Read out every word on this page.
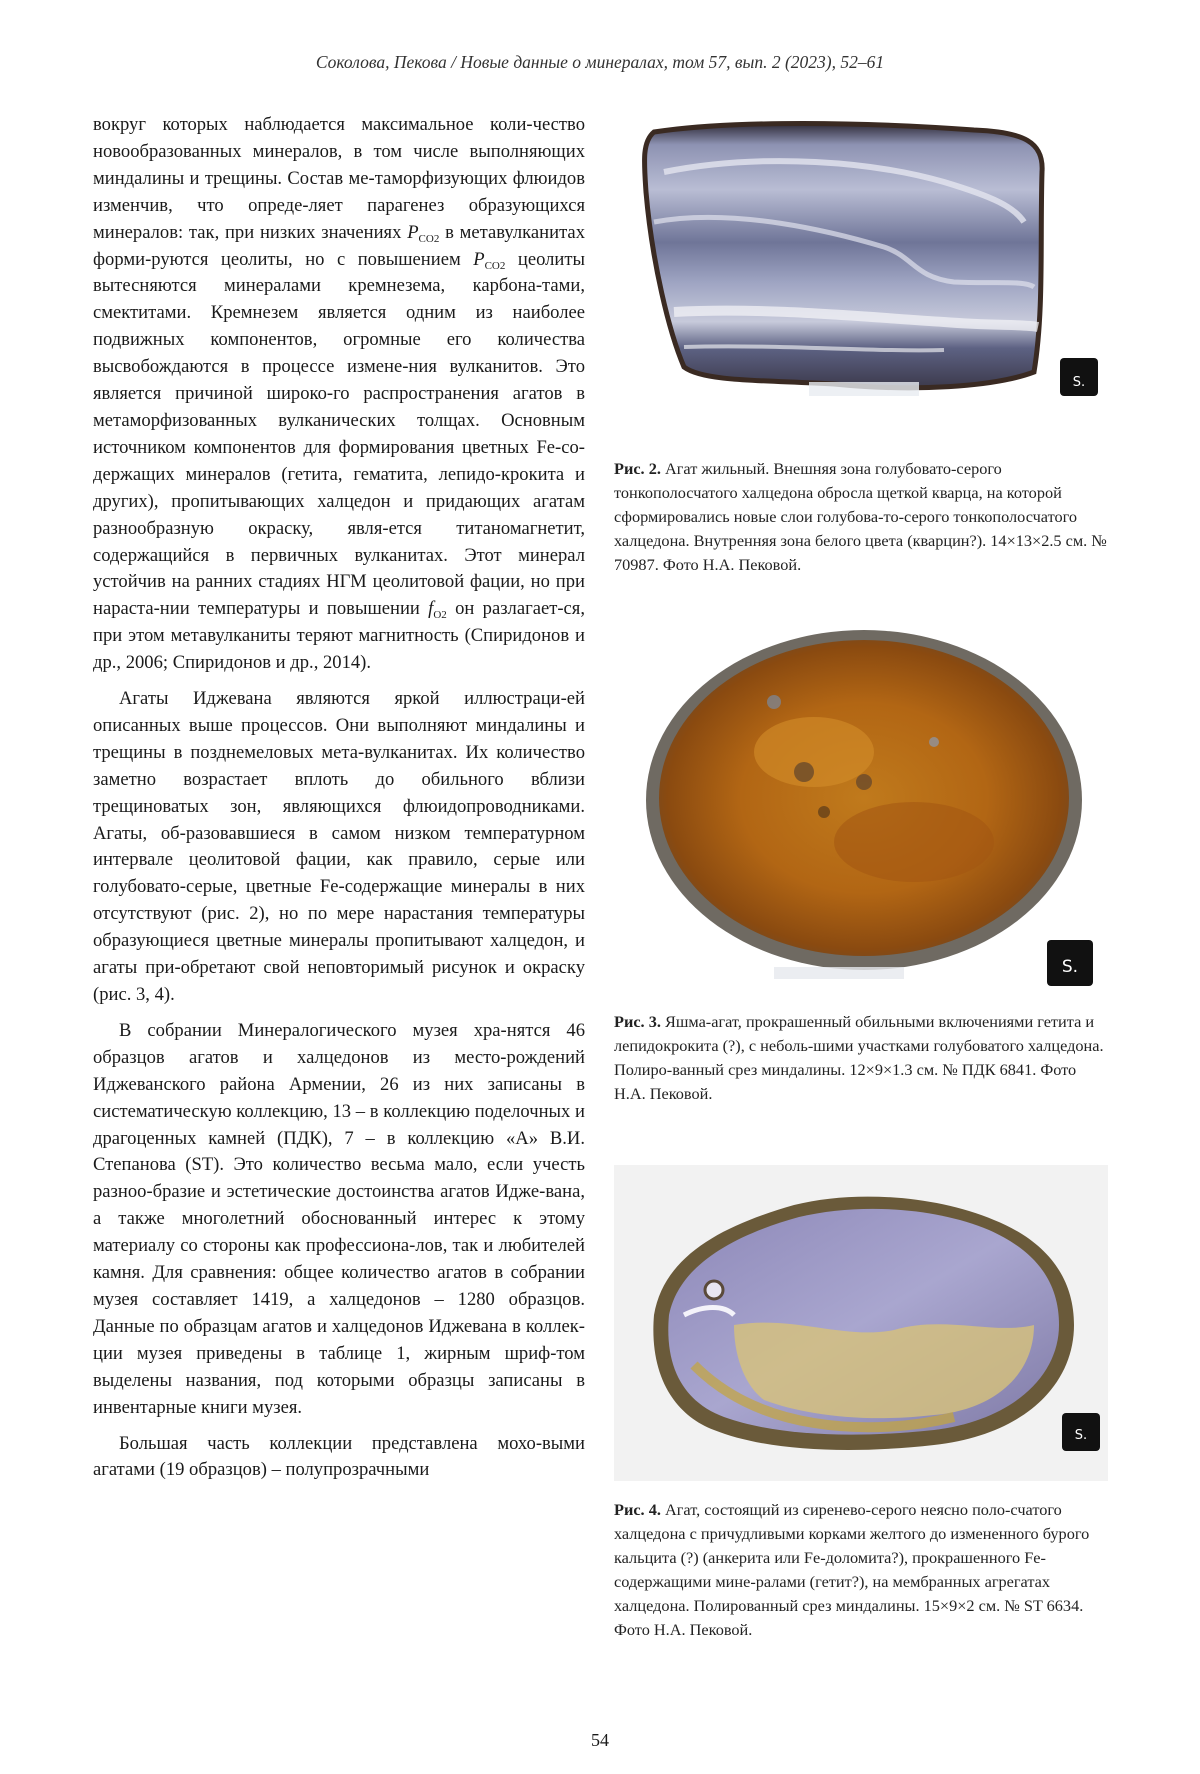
Соколова, Пекова / Новые данные о минералах, том 57, вып. 2 (2023), 52–61

вокруг которых наблюдается максимальное коли-чество новообразованных минералов, в том числе выполняющих миндалины и трещины. Состав ме-таморфизующих флюидов изменчив, что опреде-ляет парагенез образующихся минералов: так, при низких значениях PCO2 в метавулканитах форми-руются цеолиты, но с повышением PCO2 цеолиты вытесняются минералами кремнезема, карбона-тами, смектитами. Кремнезем является одним из наиболее подвижных компонентов, огромные его количества высвобождаются в процессе измене-ния вулканитов. Это является причиной широко-го распространения агатов в метаморфизованных вулканических толщах. Основным источником компонентов для формирования цветных Fe-со-держащих минералов (гетита, гематита, лепидо-крокита и других), пропитывающих халцедон и придающих агатам разнообразную окраску, явля-ется титаномагнетит, содержащийся в первичных вулканитах. Этот минерал устойчив на ранних стадиях НГМ цеолитовой фации, но при нараста-нии температуры и повышении fO2 он разлагает-ся, при этом метавулканиты теряют магнитность (Спиридонов и др., 2006; Спиридонов и др., 2014).

Агаты Иджевана являются яркой иллюстраци-ей описанных выше процессов. Они выполняют миндалины и трещины в позднемеловых мета-вулканитах. Их количество заметно возрастает вплоть до обильного вблизи трещиноватых зон, являющихся флюидопроводниками. Агаты, об-разовавшиеся в самом низком температурном интервале цеолитовой фации, как правило, серые или голубовато-серые, цветные Fe-содержащие минералы в них отсутствуют (рис. 2), но по мере нарастания температуры образующиеся цветные минералы пропитывают халцедон, и агаты при-обретают свой неповторимый рисунок и окраску (рис. 3, 4).

В собрании Минералогического музея хра-нятся 46 образцов агатов и халцедонов из место-рождений Иджеванского района Армении, 26 из них записаны в систематическую коллекцию, 13 – в коллекцию поделочных и драгоценных камней (ПДК), 7 – в коллекцию «А» В.И. Степанова (ST). Это количество весьма мало, если учесть разноо-бразие и эстетические достоинства агатов Идже-вана, а также многолетний обоснованный интерес к этому материалу со стороны как профессиона-лов, так и любителей камня. Для сравнения: общее количество агатов в собрании музея составляет 1419, а халцедонов – 1280 образцов. Данные по образцам агатов и халцедонов Иджевана в коллек-ции музея приведены в таблице 1, жирным шриф-том выделены названия, под которыми образцы записаны в инвентарные книги музея.

Большая часть коллекции представлена мохо-выми агатами (19 образцов) – полупрозрачными

S.
Рис. 2. Агат жильный. Внешняя зона голубовато-серого тонкополосчатого халцедона обросла щеткой кварца, на которой сформировались новые слои голубова-то-серого тонкополосчатого халцедона. Внутренняя зона белого цвета (кварцин?). 14×13×2.5 см. № 70987. Фото Н.А. Пековой.
S.
Рис. 3. Яшма-агат, прокрашенный обильными включениями гетита и лепидокрокита (?), с неболь-шими участками голубоватого халцедона. Полиро-ванный срез миндалины. 12×9×1.3 см. № ПДК 6841. Фото Н.А. Пековой.
S.
Рис. 4. Агат, состоящий из сиренево-серого неясно поло-счатого халцедона с причудливыми корками желтого до измененного бурого кальцита (?) (анкерита или Fe-доломита?), прокрашенного Fe-содержащими мине-ралами (гетит?), на мембранных агрегатах халцедона. Полированный срез миндалины. 15×9×2 см. № ST 6634. Фото Н.А. Пековой.
54
